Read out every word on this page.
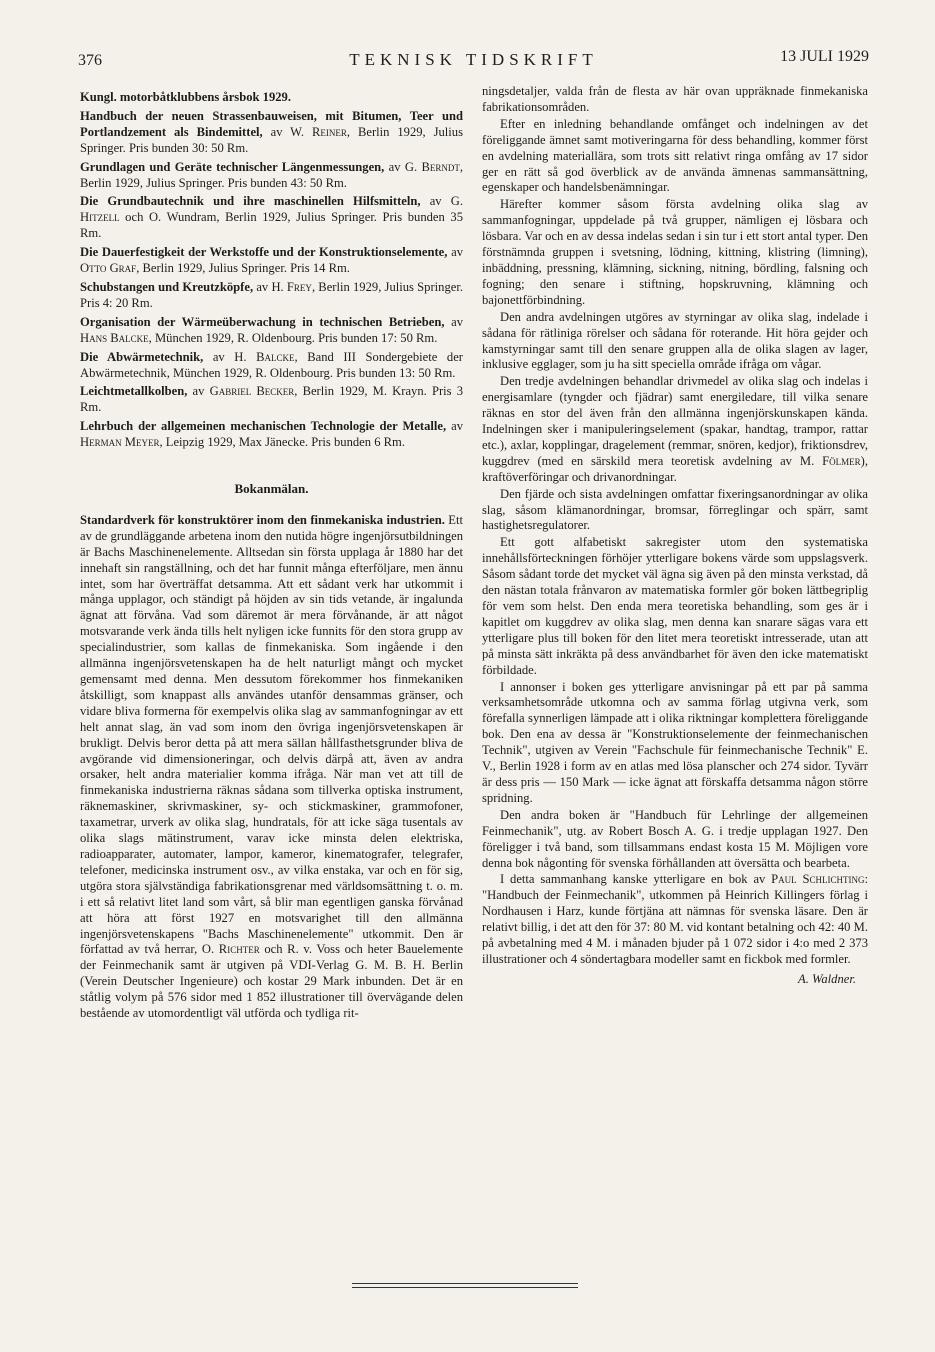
376	TEKNISK TIDSKRIFT	13 JULI 1929
Kungl. motorbåtklubbens årsbok 1929.
Handbuch der neuen Strassenbauweisen, mit Bitumen, Teer und Portlandzement als Bindemittel, av W. Reiner, Berlin 1929, Julius Springer. Pris bunden 30: 50 Rm.
Grundlagen und Geräte technischer Längenmessungen, av G. Berndt, Berlin 1929, Julius Springer. Pris bunden 43: 50 Rm.
Die Grundbautechnik und ihre maschinellen Hilfsmitteln, av G. Hitzell och O. Wundram, Berlin 1929, Julius Springer. Pris bunden 35 Rm.
Die Dauerfestigkeit der Werkstoffe und der Konstruktionselemente, av Otto Graf, Berlin 1929, Julius Springer. Pris 14 Rm.
Schubstangen und Kreutzköpfe, av H. Frey, Berlin 1929, Julius Springer. Pris 4: 20 Rm.
Organisation der Wärmeüberwachung in technischen Betrieben, av Hans Balcke, München 1929, R. Oldenbourg. Pris bunden 17: 50 Rm.
Die Abwärmetechnik, av H. Balcke, Band III Sondergebiete der Abwärmetechnik, München 1929, R. Oldenbourg. Pris bunden 13: 50 Rm.
Leichtmetallkolben, av Gabriel Becker, Berlin 1929, M. Krayn. Pris 3 Rm.
Lehrbuch der allgemeinen mechanischen Technologie der Metalle, av Herman Meyer, Leipzig 1929, Max Jänecke. Pris bunden 6 Rm.
Bokanmälan.

Standardverk för konstruktörer inom den finmekaniska industrien. Ett av de grundläggande arbetena inom den nutida högre ingenjörsutbildningen är Bachs Maschinenelemente. Alltsedan sin första upplaga år 1880 har det innehaft sin rangställning, och det har funnit många efterföljare, men ännu intet, som har överträffat detsamma. Att ett sådant verk har utkommit i många upplagor, och ständigt på höjden av sin tids vetande, är ingalunda ägnat att förvåna. Vad som däremot är mera förvånande, är att något motsvarande verk ända tills helt nyligen icke funnits för den stora grupp av specialindustrier, som kallas de finmekaniska. Som ingående i den allmänna ingenjörsvetenskapen ha de helt naturligt mångt och mycket gemensamt med denna. Men dessutom förekommer hos finmekaniken åtskilligt, som knappast alls användes utanför densammas gränser, och vidare bliva formerna för exempelvis olika slag av sammanfogningar av ett helt annat slag, än vad som inom den övriga ingenjörsvetenskapen är brukligt. Delvis beror detta på att mera sällan hållfasthetsgrunder bliva de avgörande vid dimensioneringar, och delvis därpå att, även av andra orsaker, helt andra materialier komma ifråga. När man vet att till de finmekaniska industrierna räknas sådana som tillverka optiska instrument, räknemaskiner, skrivmaskiner, sy- och stickmaskiner, grammofoner, taxametrar, urverk av olika slag, hundratals, för att icke säga tusentals av olika slags mätinstrument, varav icke minsta delen elektriska, radioapparater, automater, lampor, kameror, kinematografer, telegrafer, telefoner, medicinska instrument osv., av vilka enstaka, var och en för sig, utgöra stora självständiga fabrikationsgrenar med världsomsättning t. o. m. i ett så relativt litet land som vårt, så blir man egentligen ganska förvånad att höra att först 1927 en motsvarighet till den allmänna ingenjörsvetenskapens "Bachs Maschinenelemente" utkommit. Den är författad av två herrar, O. Richter och R. v. Voss och heter Bauelemente der Feinmechanik samt är utgiven på VDI-Verlag G. M. B. H. Berlin (Verein Deutscher Ingenieure) och kostar 29 Mark inbunden. Det är en ståtlig volym på 576 sidor med 1 852 illustrationer till övervägande delen bestående av utomordentligt väl utförda och tydliga rit-

ningsdetaljer, valda från de flesta av här ovan uppräknade finmekaniska fabrikationsområden.

Efter en inledning behandlande omfånget och indelningen av det föreliggande ämnet samt motiveringarna för dess behandling, kommer först en avdelning materiallära, som trots sitt relativt ringa omfång av 17 sidor ger en rätt så god överblick av de använda ämnenas sammansättning, egenskaper och handelsbenämningar.

Härefter kommer såsom första avdelning olika slag av sammanfogningar, uppdelade på två grupper, nämligen ej lösbara och lösbara. Var och en av dessa indelas sedan i sin tur i ett stort antal typer. Den förstnämnda gruppen i svetsning, lödning, kittning, klistring (limning), inbäddning, pressning, klämning, sickning, nitning, bördling, falsning och fogning; den senare i stiftning, hopskruvning, klämning och bajonettförbindning.

Den andra avdelningen utgöres av styrningar av olika slag, indelade i sådana för rätliniga rörelser och sådana för roterande. Hit höra gejder och kamstyrningar samt till den senare gruppen alla de olika slagen av lager, inklusive egglager, som ju ha sitt speciella område ifråga om vågar.

Den tredje avdelningen behandlar drivmedel av olika slag och indelas i energisamlare (tyngder och fjädrar) samt energiledare, till vilka senare räknas en stor del även från den allmänna ingenjörskunskapen kända. Indelningen sker i manipuleringselement (spakar, handtag, trampor, rattar etc.), axlar, kopplingar, dragelement (remmar, snören, kedjor), friktionsdrev, kuggdrev (med en särskild mera teoretisk avdelning av M. Fölmer), kraftöverföringar och drivanordningar.

Den fjärde och sista avdelningen omfattar fixeringsanordningar av olika slag, såsom klämanordningar, bromsar, förreglingar och spärr, samt hastighetsregulatorer.

Ett gott alfabetiskt sakregister utom den systematiska innehållsförteckningen förhöjer ytterligare bokens värde som uppslagsverk. Såsom sådant torde det mycket väl ägna sig även på den minsta verkstad, då den nästan totala frånvaron av matematiska formler gör boken lättbegriplig för vem som helst. Den enda mera teoretiska behandling, som ges är i kapitlet om kuggdrev av olika slag, men denna kan snarare sägas vara ett ytterligare plus till boken för den litet mera teoretiskt intresserade, utan att på minsta sätt inkräkta på dess användbarhet för även den icke matematiskt förbildade.

I annonser i boken ges ytterligare anvisningar på ett par på samma verksamhetsområde utkomna och av samma förlag utgivna verk, som förefalla synnerligen lämpade att i olika riktningar komplettera föreliggande bok. Den ena av dessa är "Konstruktionselemente der feinmechanischen Technik", utgiven av Verein "Fachschule für feinmechanische Technik" E. V., Berlin 1928 i form av en atlas med lösa planscher och 274 sidor. Tyvärr är dess pris — 150 Mark — icke ägnat att förskaffa detsamma någon större spridning.

Den andra boken är "Handbuch für Lehrlinge der allgemeinen Feinmechanik", utg. av Robert Bosch A. G. i tredje upplagan 1927. Den föreligger i två band, som tillsammans endast kosta 15 M. Möjligen vore denna bok någonting för svenska förhållanden att översätta och bearbeta.

I detta sammanhang kanske ytterligare en bok av Paul Schlichting: "Handbuch der Feinmechanik", utkommen på Heinrich Killingers förlag i Nordhausen i Harz, kunde förtjäna att nämnas för svenska läsare. Den är relativt billig, i det att den för 37: 80 M. vid kontant betalning och 42: 40 M. på avbetalning med 4 M. i månaden bjuder på 1 072 sidor i 4:o med 2 373 illustrationer och 4 söndertagbara modeller samt en fickbok med formler.

A. Waldner.
